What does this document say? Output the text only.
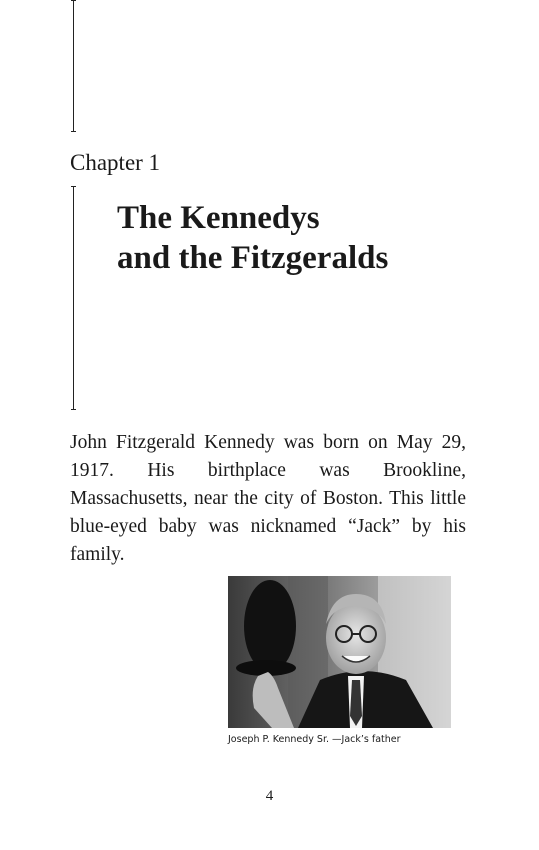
Chapter 1
The Kennedys
and the Fitzgeralds

John Fitzgerald Kennedy was born on May 29, 1917. His birthplace was Brookline, Massachusetts, near the city of Boston. This little blue-eyed baby was nicknamed “Jack” by his family.

Joseph P. Kennedy Sr. —Jack’s father
4
